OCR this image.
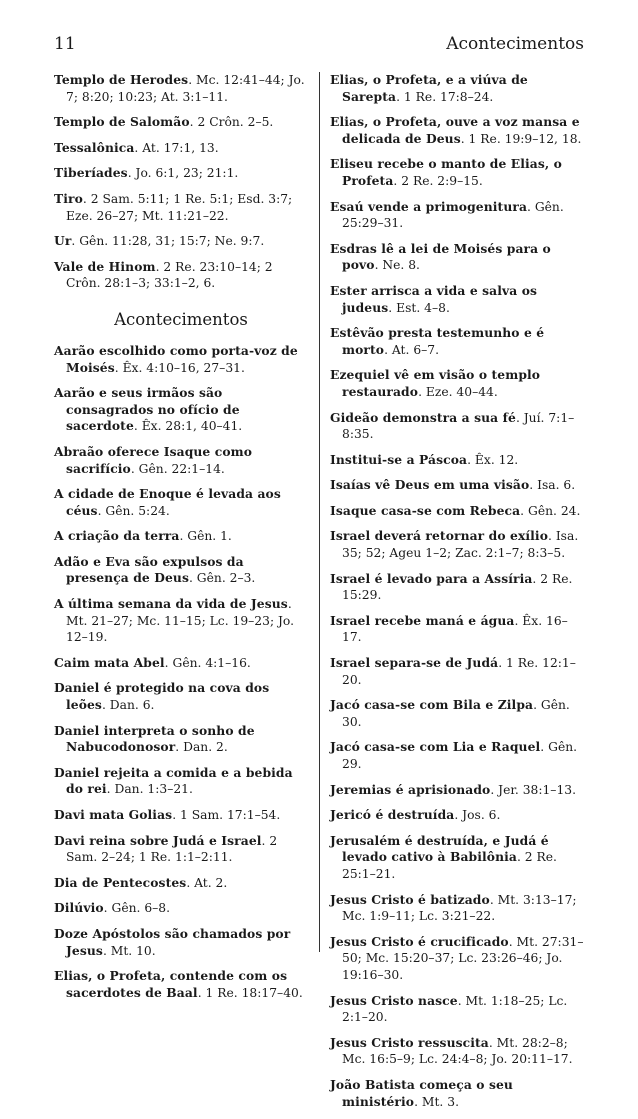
11	Acontecimentos
Templo de Herodes. Mc. 12:41–44; Jo. 7; 8:20; 10:23; At. 3:1–11.
Templo de Salomão. 2 Crôn. 2–5.
Tessalônica. At. 17:1, 13.
Tiberíades. Jo. 6:1, 23; 21:1.
Tiro. 2 Sam. 5:11; 1 Re. 5:1; Esd. 3:7; Eze. 26–27; Mt. 11:21–22.
Ur. Gên. 11:28, 31; 15:7; Ne. 9:7.
Vale de Hinom. 2 Re. 23:10–14; 2 Crôn. 28:1–3; 33:1–2, 6.
Acontecimentos
Aarão escolhido como porta-voz de Moisés. Êx. 4:10–16, 27–31.
Aarão e seus irmãos são consagrados no ofício de sacerdote. Êx. 28:1, 40–41.
Abraão oferece Isaque como sacrifício. Gên. 22:1–14.
A cidade de Enoque é levada aos céus. Gên. 5:24.
A criação da terra. Gên. 1.
Adão e Eva são expulsos da presença de Deus. Gên. 2–3.
A última semana da vida de Jesus. Mt. 21–27; Mc. 11–15; Lc. 19–23; Jo. 12–19.
Caim mata Abel. Gên. 4:1–16.
Daniel é protegido na cova dos leões. Dan. 6.
Daniel interpreta o sonho de Nabucodonosor. Dan. 2.
Daniel rejeita a comida e a bebida do rei. Dan. 1:3–21.
Davi mata Golias. 1 Sam. 17:1–54.
Davi reina sobre Judá e Israel. 2 Sam. 2–24; 1 Re. 1:1–2:11.
Dia de Pentecostes. At. 2.
Dilúvio. Gên. 6–8.
Doze Apóstolos são chamados por Jesus. Mt. 10.
Elias, o Profeta, contende com os sacerdotes de Baal. 1 Re. 18:17–40.
Elias, o Profeta, e a viúva de Sarepta. 1 Re. 17:8–24.
Elias, o Profeta, ouve a voz mansa e delicada de Deus. 1 Re. 19:9–12, 18.
Eliseu recebe o manto de Elias, o Profeta. 2 Re. 2:9–15.
Esaú vende a primogenitura. Gên. 25:29–31.
Esdras lê a lei de Moisés para o povo. Ne. 8.
Ester arrisca a vida e salva os judeus. Est. 4–8.
Estêvão presta testemunho e é morto. At. 6–7.
Ezequiel vê em visão o templo restaurado. Eze. 40–44.
Gideão demonstra a sua fé. Juí. 7:1–8:35.
Institui-se a Páscoa. Êx. 12.
Isaías vê Deus em uma visão. Isa. 6.
Isaque casa-se com Rebeca. Gên. 24.
Israel deverá retornar do exílio. Isa. 35; 52; Ageu 1–2; Zac. 2:1–7; 8:3–5.
Israel é levado para a Assíria. 2 Re. 15:29.
Israel recebe maná e água. Êx. 16–17.
Israel separa-se de Judá. 1 Re. 12:1–20.
Jacó casa-se com Bila e Zilpa. Gên. 30.
Jacó casa-se com Lia e Raquel. Gên. 29.
Jeremias é aprisionado. Jer. 38:1–13.
Jericó é destruída. Jos. 6.
Jerusalém é destruída, e Judá é levado cativo à Babilônia. 2 Re. 25:1–21.
Jesus Cristo é batizado. Mt. 3:13–17; Mc. 1:9–11; Lc. 3:21–22.
Jesus Cristo é crucificado. Mt. 27:31–50; Mc. 15:20–37; Lc. 23:26–46; Jo. 19:16–30.
Jesus Cristo nasce. Mt. 1:18–25; Lc. 2:1–20.
Jesus Cristo ressuscita. Mt. 28:2–8; Mc. 16:5–9; Lc. 24:4–8; Jo. 20:11–17.
João Batista começa o seu ministério. Mt. 3.
